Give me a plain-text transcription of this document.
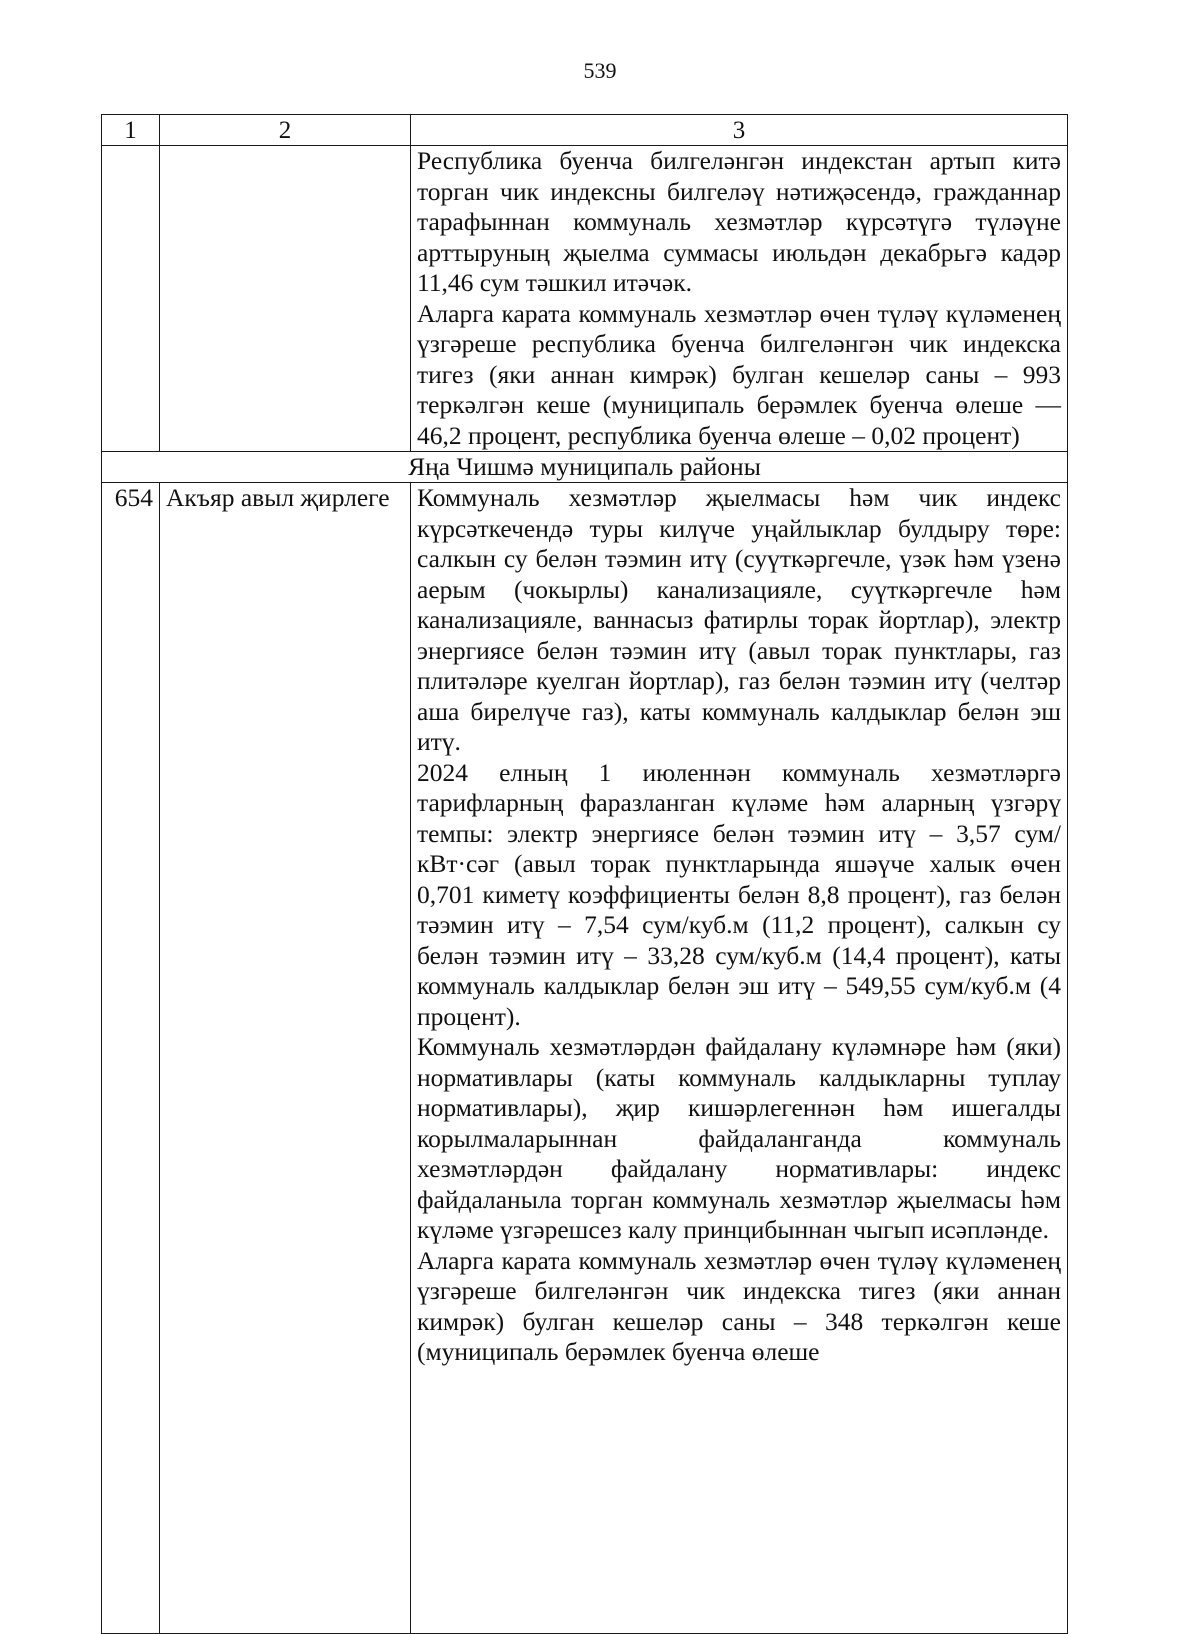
539
1	2	3

		Республика буенча билгеләнгән индекстан артып китә торган чик индексны билгеләү нәтиҗәсендә, гражданнар тарафыннан коммуналь хезмәтләр күрсәтүгә түләүне арттыруның җыелма суммасы июльдән декабрьгә кадәр 11,46 сум тәшкил итәчәк.

Аларга карата коммуналь хезмәтләр өчен түләү күләменең үзгәреше республика буенча билгеләнгән чик индекска тигез (яки аннан кимрәк) булган кешеләр саны – 993 теркәлгән кеше (муниципаль берәмлек буенча өлеше — 46,2 процент, республика буенча өлеше – 0,02 процент)

Яңа Чишмә муниципаль районы		
654	Акъяр авыл җирлеге	Коммуналь хезмәтләр җыелмасы һәм чик индекс күрсәткечендә туры килүче уңайлыклар булдыру төре: салкын су белән тәэмин итү (суүткәргечле, үзәк һәм үзенә аерым (чокырлы) канализацияле, суүткәргечле һәм канализацияле, ваннасыз фатирлы торак йортлар), электр энергиясе белән тәэмин итү (авыл торак пунктлары, газ плитәләре куелган йортлар), газ белән тәэмин итү (челтәр аша бирелүче газ), каты коммуналь калдыклар белән эш итү.

2024 елның 1 июленнән коммуналь хезмәтләргә тарифларның фаразланган күләме һәм аларның үзгәрү темпы: электр энергиясе белән тәэмин итү – 3,57 сум/кВт·сәг (авыл торак пунктларында яшәүче халык өчен 0,701 киметү коэффициенты белән 8,8 процент), газ белән тәэмин итү – 7,54 сум/куб.м (11,2 процент), салкын су белән тәэмин итү – 33,28 сум/куб.м (14,4 процент), каты коммуналь калдыклар белән эш итү – 549,55 сум/куб.м (4 процент).

Коммуналь хезмәтләрдән файдалану күләмнәре һәм (яки) нормативлары (каты коммуналь калдыкларны туплау нормативлары), җир кишәрлегеннән һәм ишегалды корылмаларыннан файдаланганда коммуналь хезмәтләрдән файдалану нормативлары: индекс файдаланыла торган коммуналь хезмәтләр җыелмасы һәм күләме үзгәрешсез калу принцибыннан чыгып исәпләнде.

Аларга карата коммуналь хезмәтләр өчен түләү күләменең үзгәреше билгеләнгән чик индекска тигез (яки аннан кимрәк) булган кешеләр саны – 348 теркәлгән кеше (муниципаль берәмлек буенча өлеше
